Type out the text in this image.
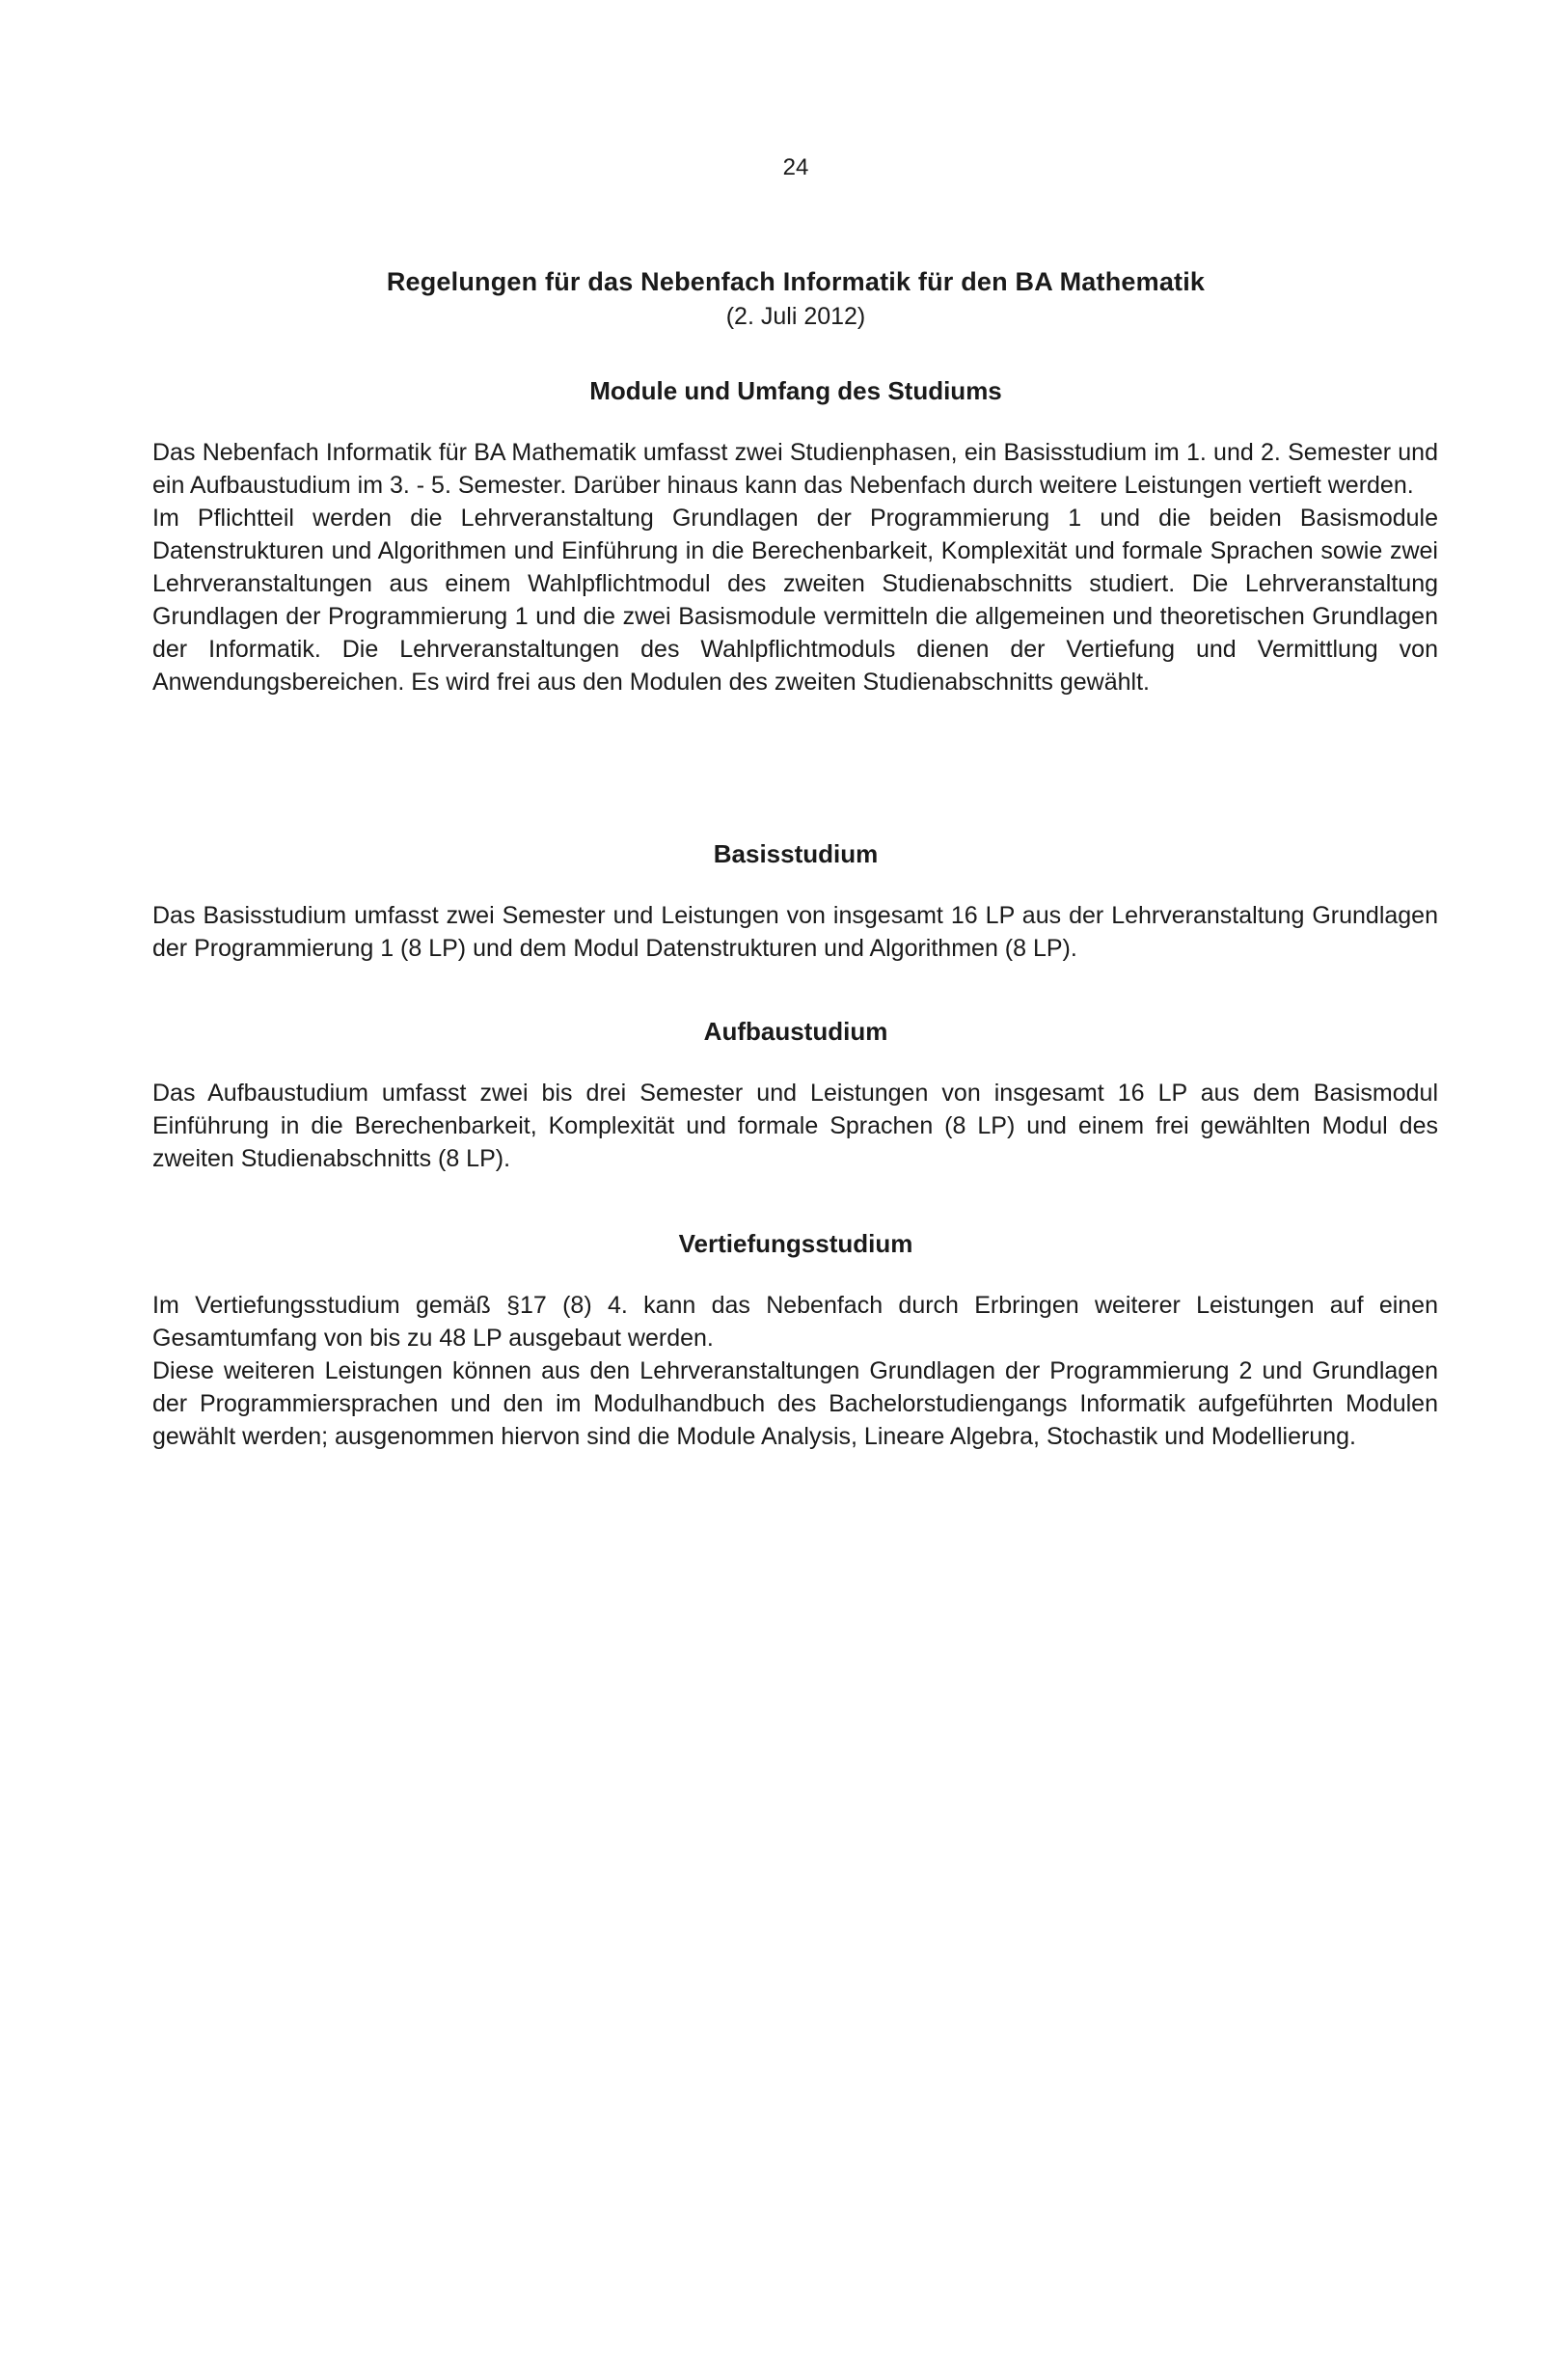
24
Regelungen für das Nebenfach Informatik für den BA Mathematik
(2. Juli 2012)
Module und Umfang des Studiums

Das Nebenfach Informatik für BA Mathematik umfasst zwei Studienphasen, ein Basisstudium im 1. und 2. Semester und ein Aufbaustudium im 3. - 5. Semester. Darüber hinaus kann das Nebenfach durch weitere Leistungen vertieft werden.

Im Pflichtteil werden die Lehrveranstaltung Grundlagen der Programmierung 1 und die beiden Basismodule Datenstrukturen und Algorithmen und Einführung in die Berechenbarkeit, Komplexität und formale Sprachen sowie zwei Lehrveranstaltungen aus einem Wahlpflichtmodul des zweiten Studienabschnitts studiert. Die Lehrveranstaltung Grundlagen der Programmierung 1 und die zwei Basismodule vermitteln die allgemeinen und theoretischen Grundlagen der Informatik. Die Lehrveranstaltungen des Wahlpflichtmoduls dienen der Vertiefung und Vermittlung von Anwendungsbereichen. Es wird frei aus den Modulen des zweiten Studienabschnitts gewählt.

Basisstudium

Das Basisstudium umfasst zwei Semester und Leistungen von insgesamt 16 LP aus der Lehrveranstaltung Grundlagen der Programmierung 1 (8 LP) und dem Modul Datenstrukturen und Algorithmen (8 LP).

Aufbaustudium

Das Aufbaustudium umfasst zwei bis drei Semester und Leistungen von insgesamt 16 LP aus dem Basismodul Einführung in die Berechenbarkeit, Komplexität und formale Sprachen (8 LP) und einem frei gewählten Modul des zweiten Studienabschnitts (8 LP).

Vertiefungsstudium

Im Vertiefungsstudium gemäß §17 (8) 4. kann das Nebenfach durch Erbringen weiterer Leistungen auf einen Gesamtumfang von bis zu 48 LP ausgebaut werden.

Diese weiteren Leistungen können aus den Lehrveranstaltungen Grundlagen der Programmierung 2 und Grundlagen der Programmiersprachen und den im Modulhandbuch des Bachelorstudiengangs Informatik aufgeführten Modulen gewählt werden; ausgenommen hiervon sind die Module Analysis, Lineare Algebra, Stochastik und Modellierung.
